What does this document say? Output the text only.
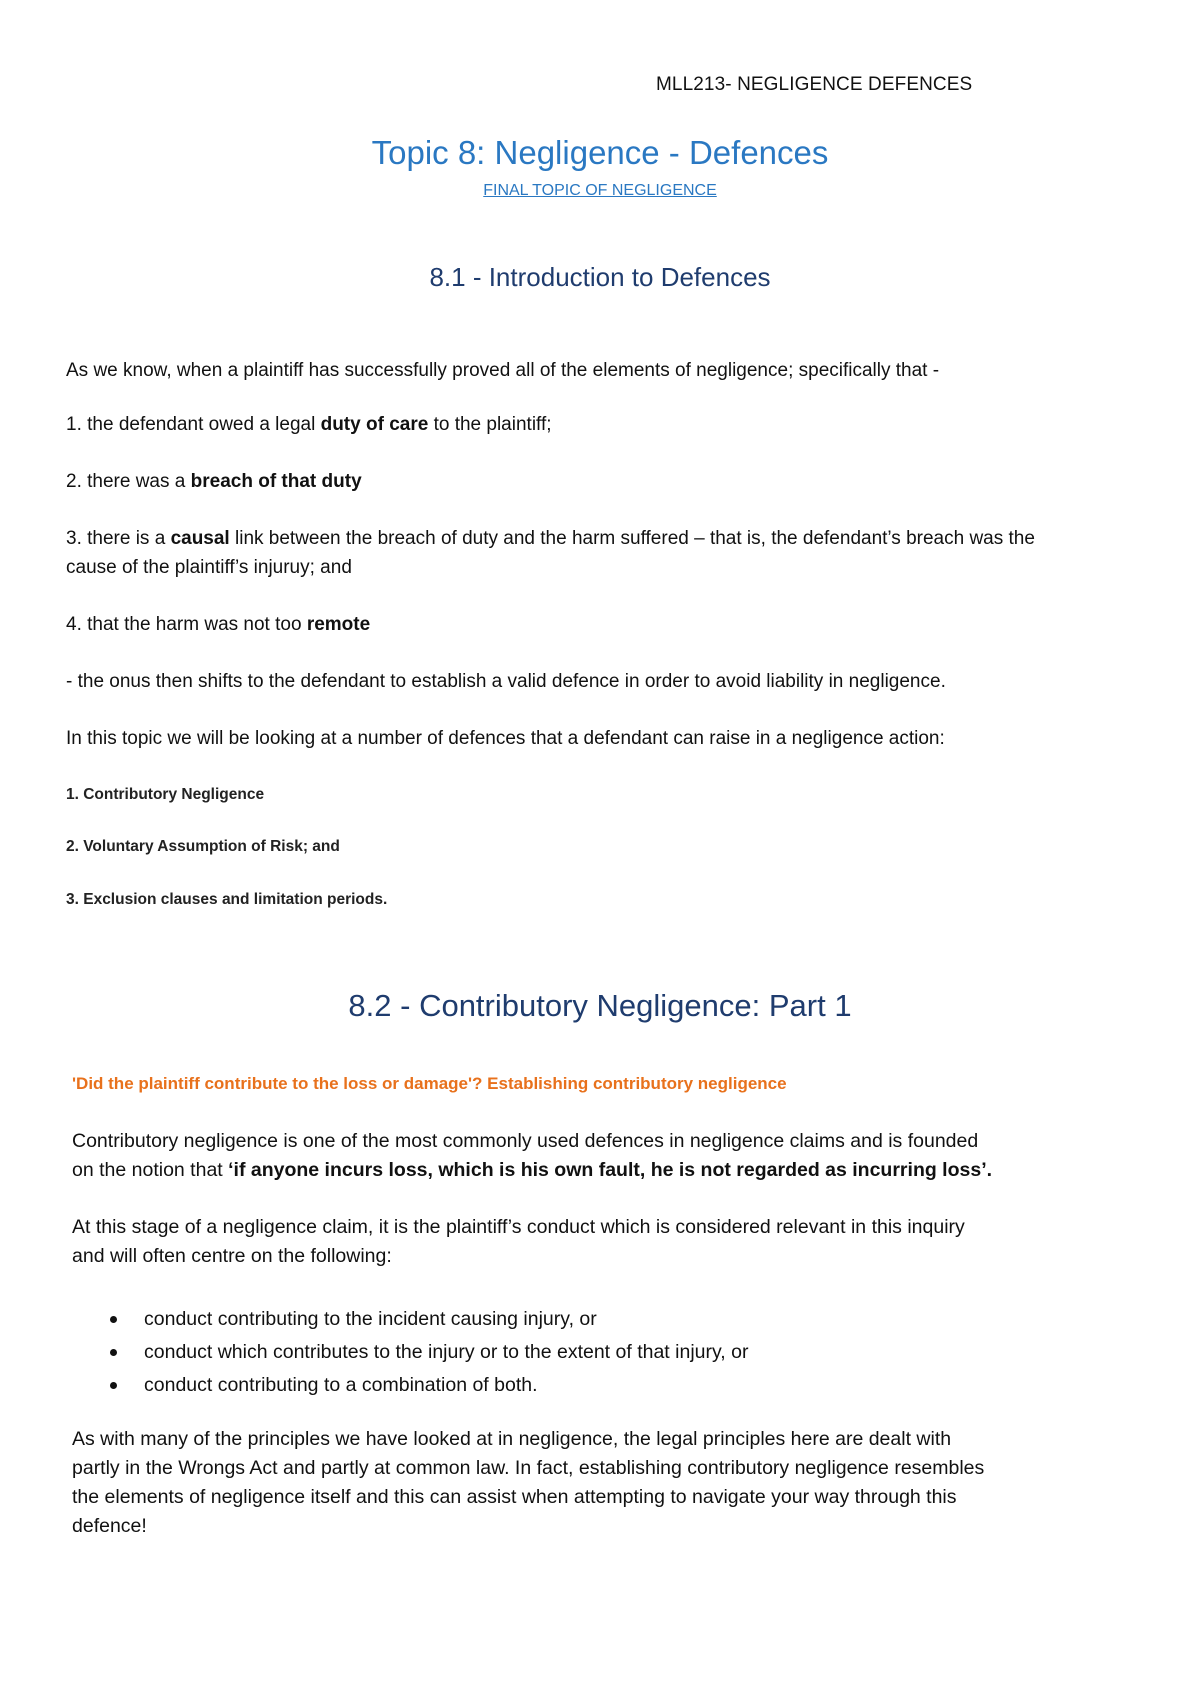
MLL213- NEGLIGENCE DEFENCES
Topic 8: Negligence - Defences
FINAL TOPIC OF NEGLIGENCE
8.1 - Introduction to Defences
As we know, when a plaintiff has successfully proved all of the elements of negligence; specifically that -
1. the defendant owed a legal duty of care to the plaintiff;
2. there was a breach of that duty
3. there is a causal link between the breach of duty and the harm suffered – that is, the defendant’s breach was the
cause of the plaintiff’s injuruy; and
4. that the harm was not too remote
- the onus then shifts to the defendant to establish a valid defence in order to avoid liability in negligence.
In this topic we will be looking at a number of defences that a defendant can raise in a negligence action:
1. Contributory Negligence
2. Voluntary Assumption of Risk; and
3. Exclusion clauses and limitation periods.
8.2 - Contributory Negligence: Part 1
'Did the plaintiff contribute to the loss or damage'? Establishing contributory negligence
Contributory negligence is one of the most commonly used defences in negligence claims and is founded
on the notion that ‘if anyone incurs loss, which is his own fault, he is not regarded as incurring loss’.
At this stage of a negligence claim, it is the plaintiff’s conduct which is considered relevant in this inquiry
and will often centre on the following:
conduct contributing to the incident causing injury, or
conduct which contributes to the injury or to the extent of that injury, or
conduct contributing to a combination of both.
As with many of the principles we have looked at in negligence, the legal principles here are dealt with
partly in the Wrongs Act and partly at common law. In fact, establishing contributory negligence resembles
the elements of negligence itself and this can assist when attempting to navigate your way through this
defence!
